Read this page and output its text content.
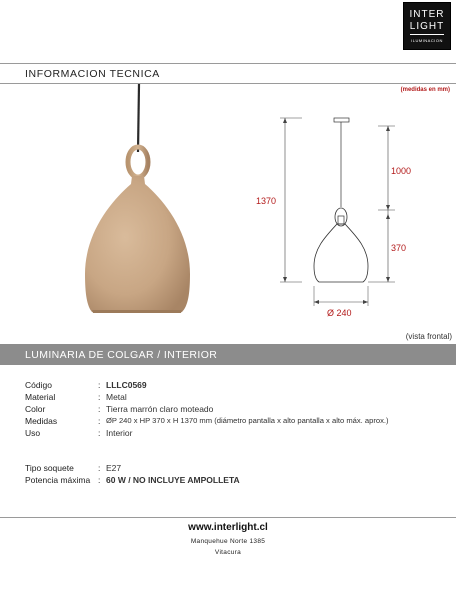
INTER
LIGHT
ILUMINACION
INFORMACION TECNICA
(medidas en mm)
1370
1000
370
Ø 240
(vista frontal)
LUMINARIA DE COLGAR / INTERIOR
Código	: LLLC0569
Material	: Metal
Color	: Tierra marrón claro moteado
Medidas	: ØP 240 x HP 370 x H 1370 mm (diámetro pantalla x alto pantalla x alto máx. aprox.)
Uso	: Interior
Tipo soquete	: E27
Potencia máxima : 60 W / NO INCLUYE AMPOLLETA
www.interlight.cl
Manquehue Norte 1385
Vitacura
